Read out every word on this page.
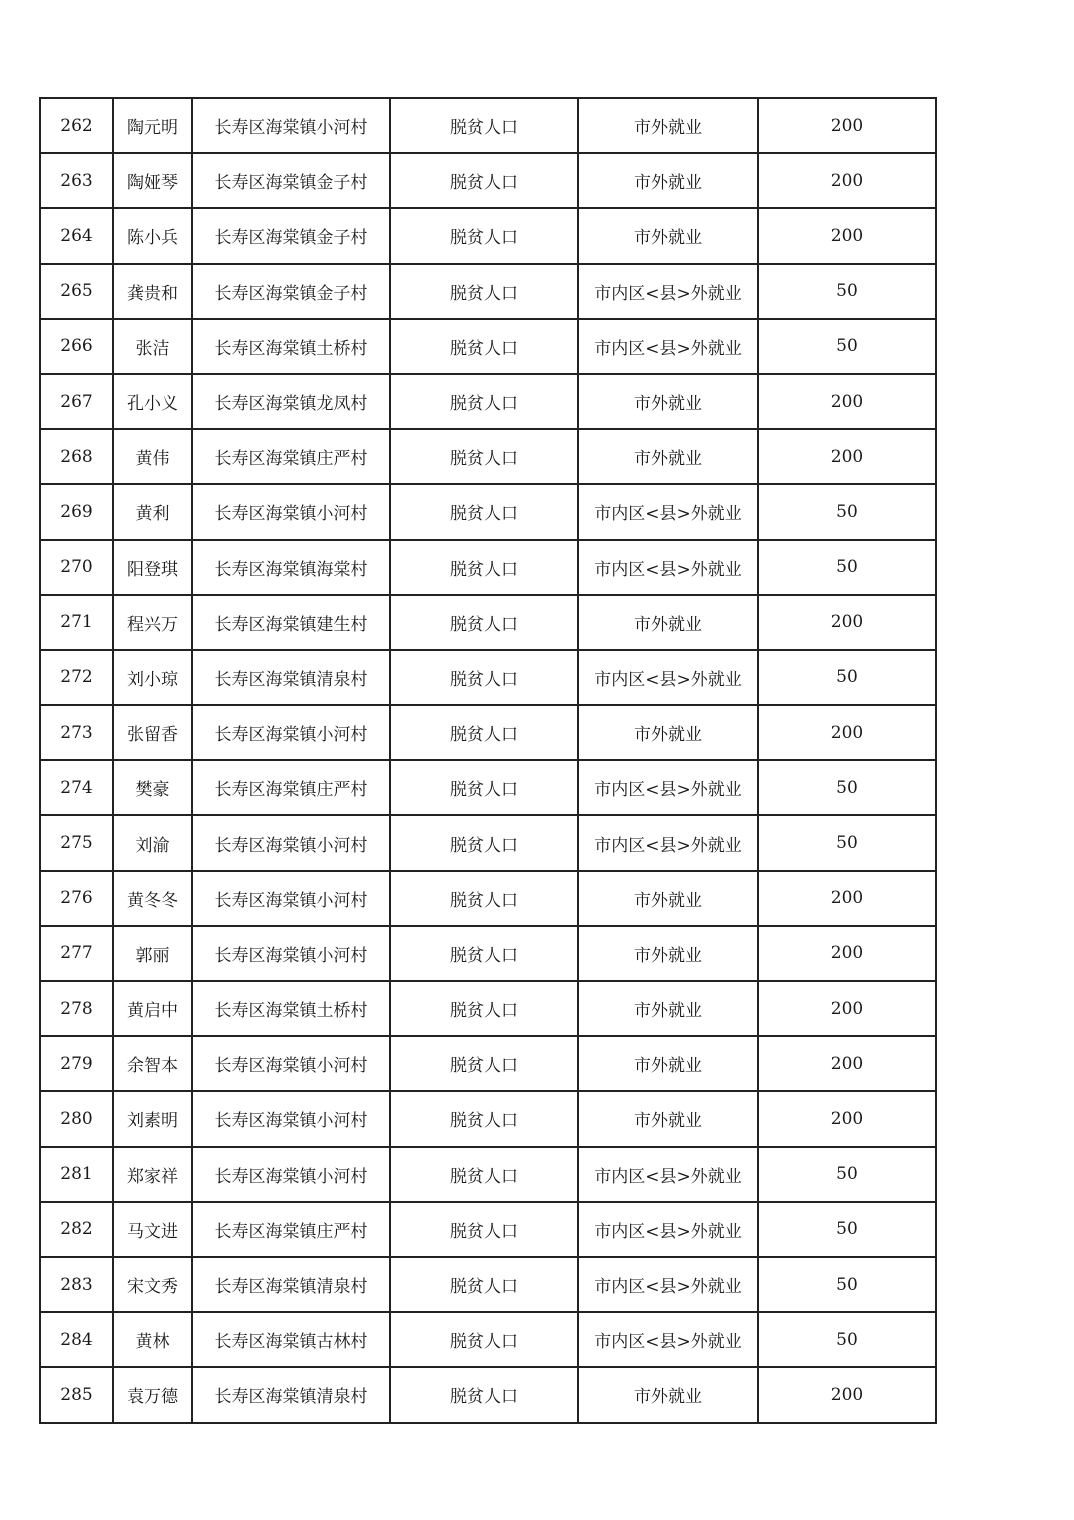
262	陶元明	长寿区海棠镇小河村	脱贫人口	市外就业	200
263	陶娅琴	长寿区海棠镇金子村	脱贫人口	市外就业	200
264	陈小兵	长寿区海棠镇金子村	脱贫人口	市外就业	200
265	龚贵和	长寿区海棠镇金子村	脱贫人口	市内区<县>外就业	50
266	张洁	长寿区海棠镇土桥村	脱贫人口	市内区<县>外就业	50
267	孔小义	长寿区海棠镇龙凤村	脱贫人口	市外就业	200
268	黄伟	长寿区海棠镇庄严村	脱贫人口	市外就业	200
269	黄利	长寿区海棠镇小河村	脱贫人口	市内区<县>外就业	50
270	阳登琪	长寿区海棠镇海棠村	脱贫人口	市内区<县>外就业	50
271	程兴万	长寿区海棠镇建生村	脱贫人口	市外就业	200
272	刘小琼	长寿区海棠镇清泉村	脱贫人口	市内区<县>外就业	50
273	张留香	长寿区海棠镇小河村	脱贫人口	市外就业	200
274	樊豪	长寿区海棠镇庄严村	脱贫人口	市内区<县>外就业	50
275	刘渝	长寿区海棠镇小河村	脱贫人口	市内区<县>外就业	50
276	黄冬冬	长寿区海棠镇小河村	脱贫人口	市外就业	200
277	郭丽	长寿区海棠镇小河村	脱贫人口	市外就业	200
278	黄启中	长寿区海棠镇土桥村	脱贫人口	市外就业	200
279	余智本	长寿区海棠镇小河村	脱贫人口	市外就业	200
280	刘素明	长寿区海棠镇小河村	脱贫人口	市外就业	200
281	郑家祥	长寿区海棠镇小河村	脱贫人口	市内区<县>外就业	50
282	马文进	长寿区海棠镇庄严村	脱贫人口	市内区<县>外就业	50
283	宋文秀	长寿区海棠镇清泉村	脱贫人口	市内区<县>外就业	50
284	黄林	长寿区海棠镇古林村	脱贫人口	市内区<县>外就业	50
285	袁万德	长寿区海棠镇清泉村	脱贫人口	市外就业	200
